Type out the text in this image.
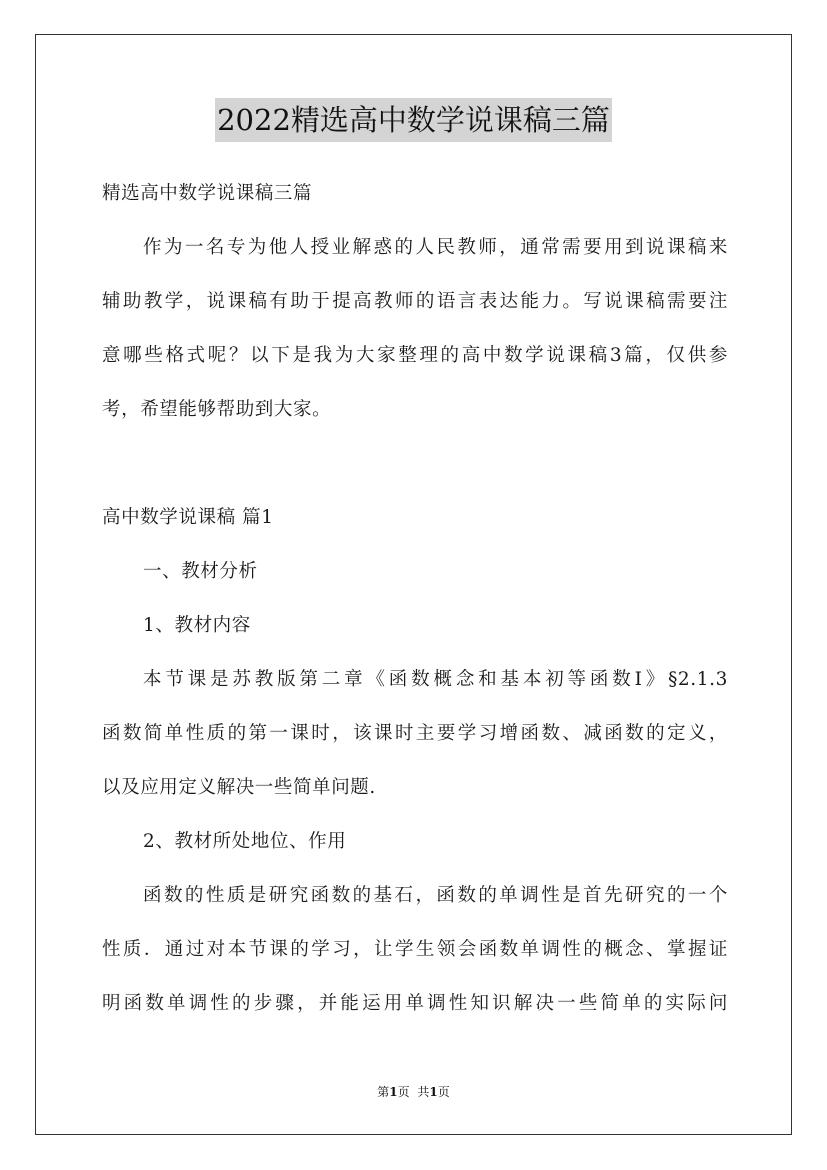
2022精选高中数学说课稿三篇
精选高中数学说课稿三篇
作为一名专为他人授业解惑的人民教师，通常需要用到说课稿来
辅助教学，说课稿有助于提高教师的语言表达能力。写说课稿需要注
意哪些格式呢？以下是我为大家整理的高中数学说课稿3篇，仅供参
考，希望能够帮助到大家。
高中数学说课稿 篇1
一、教材分析
1、教材内容
本节课是苏教版第二章《函数概念和基本初等函数Ⅰ》§2.1.3
函数简单性质的第一课时，该课时主要学习增函数、减函数的定义，
以及应用定义解决一些简单问题.
2、教材所处地位、作用
函数的性质是研究函数的基石，函数的单调性是首先研究的一个
性质．通过对本节课的学习，让学生领会函数单调性的概念、掌握证
明函数单调性的步骤，并能运用单调性知识解决一些简单的实际问
第1页 共1页
